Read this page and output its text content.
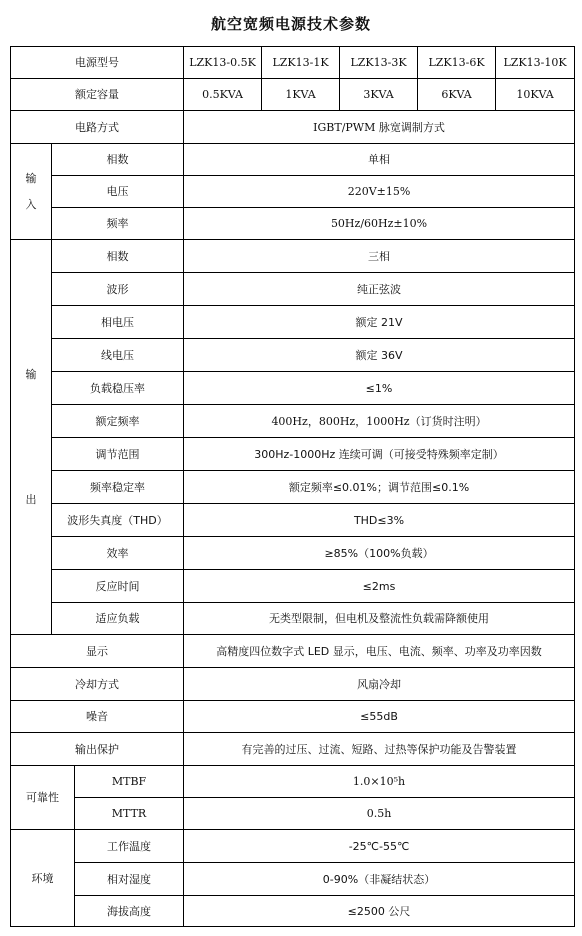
航空宽频电源技术参数
电源型号			LZK13-0.5K	LZK13-1K	LZK13-3K	LZK13-6K	LZK13-10K
额定容量			0.5KVA	1KVA	3KVA	6KVA	10KVA
电路方式			IGBT/PWM 脉宽调制方式				
输

入	相数		单相				
	电压		220V±15%				
	频率		50Hz/60Hz±10%				
输
出	相数		三相				
	波形		纯正弦波				
	相电压		额定 21V				
	线电压		额定 36V				
	负载稳压率		≤1%				
	额定频率		400Hz，800Hz，1000Hz（订货时注明）				
	调节范围		300Hz-1000Hz 连续可调（可接受特殊频率定制）				
	频率稳定率		额定频率≤0.01%；调节范围≤0.1%				
	波形失真度（THD）		THD≤3%				
	效率		≥85%（100%负载）				
	反应时间		≤2ms				
	适应负载		无类型限制，但电机及整流性负载需降额使用				
显示			高精度四位数字式 LED 显示，电压、电流、频率、功率及功率因数				
冷却方式			风扇冷却				
噪音			≤55dB				
输出保护			有完善的过压、过流、短路、过热等保护功能及告警装置				
可靠性		MTBF	1.0×10⁵h				
		MTTR	0.5h				
环境		工作温度	-25℃-55℃				
		相对湿度	0-90%（非凝结状态）				
		海拔高度	≤2500 公尺				
